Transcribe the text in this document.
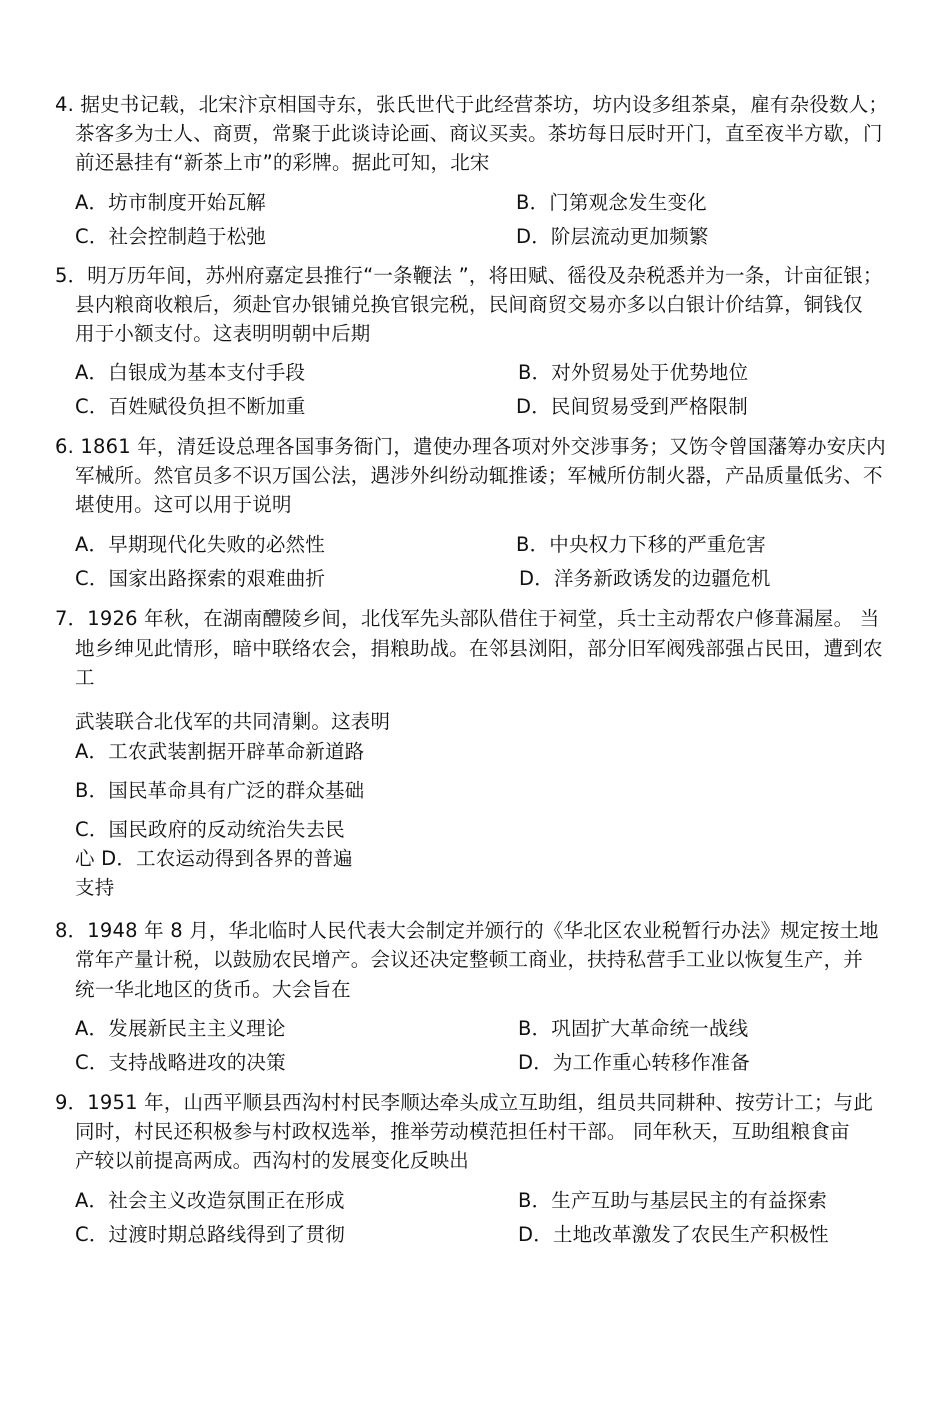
4. 据史书记载，北宋汴京相国寺东，张氏世代于此经营茶坊，坊内设多组茶桌，雇有杂役数人；
茶客多为士人、商贾，常聚于此谈诗论画、商议买卖。茶坊每日辰时开门，直至夜半方歇，门
前还悬挂有“新茶上市”的彩牌。据此可知，北宋
A．坊市制度开始瓦解	B．门第观念发生变化
C．社会控制趋于松弛	D．阶层流动更加频繁
5．明万历年间，苏州府嘉定县推行“一条鞭法 ”，将田赋、徭役及杂税悉并为一条，计亩征银；
县内粮商收粮后，须赴官办银铺兑换官银完税，民间商贸交易亦多以白银计价结算，铜钱仅
用于小额支付。这表明明朝中后期
A．白银成为基本支付手段	B．对外贸易处于优势地位
C．百姓赋役负担不断加重	D．民间贸易受到严格限制
6. 1861 年，清廷设总理各国事务衙门，遣使办理各项对外交涉事务；又饬令曾国藩筹办安庆内
军械所。然官员多不识万国公法，遇涉外纠纷动辄推诿；军械所仿制火器，产品质量低劣、不
堪使用。这可以用于说明
A．早期现代化失败的必然性	B．中央权力下移的严重危害
C．国家出路探索的艰难曲折	D．洋务新政诱发的边疆危机
7．1926 年秋，在湖南醴陵乡间，北伐军先头部队借住于祠堂，兵士主动帮农户修葺漏屋。 当
地乡绅见此情形，暗中联络农会，捐粮助战。在邻县浏阳，部分旧军阀残部强占民田，遭到农
工
武装联合北伐军的共同清剿。这表明
A．工农武装割据开辟革命新道路
B．国民革命具有广泛的群众基础
C．国民政府的反动统治失去民
心 D．工农运动得到各界的普遍
支持
8．1948 年 8 月，华北临时人民代表大会制定并颁行的《华北区农业税暂行办法》规定按土地
常年产量计税，以鼓励农民增产。会议还决定整顿工商业，扶持私营手工业以恢复生产，并
统一华北地区的货币。大会旨在
A．发展新民主主义理论	B．巩固扩大革命统一战线
C．支持战略进攻的决策	D．为工作重心转移作准备
9．1951 年，山西平顺县西沟村村民李顺达牵头成立互助组，组员共同耕种、按劳计工；与此
同时，村民还积极参与村政权选举，推举劳动模范担任村干部。 同年秋天，互助组粮食亩
产较以前提高两成。西沟村的发展变化反映出
A．社会主义改造氛围正在形成	B．生产互助与基层民主的有益探索
C．过渡时期总路线得到了贯彻	D．土地改革激发了农民生产积极性
